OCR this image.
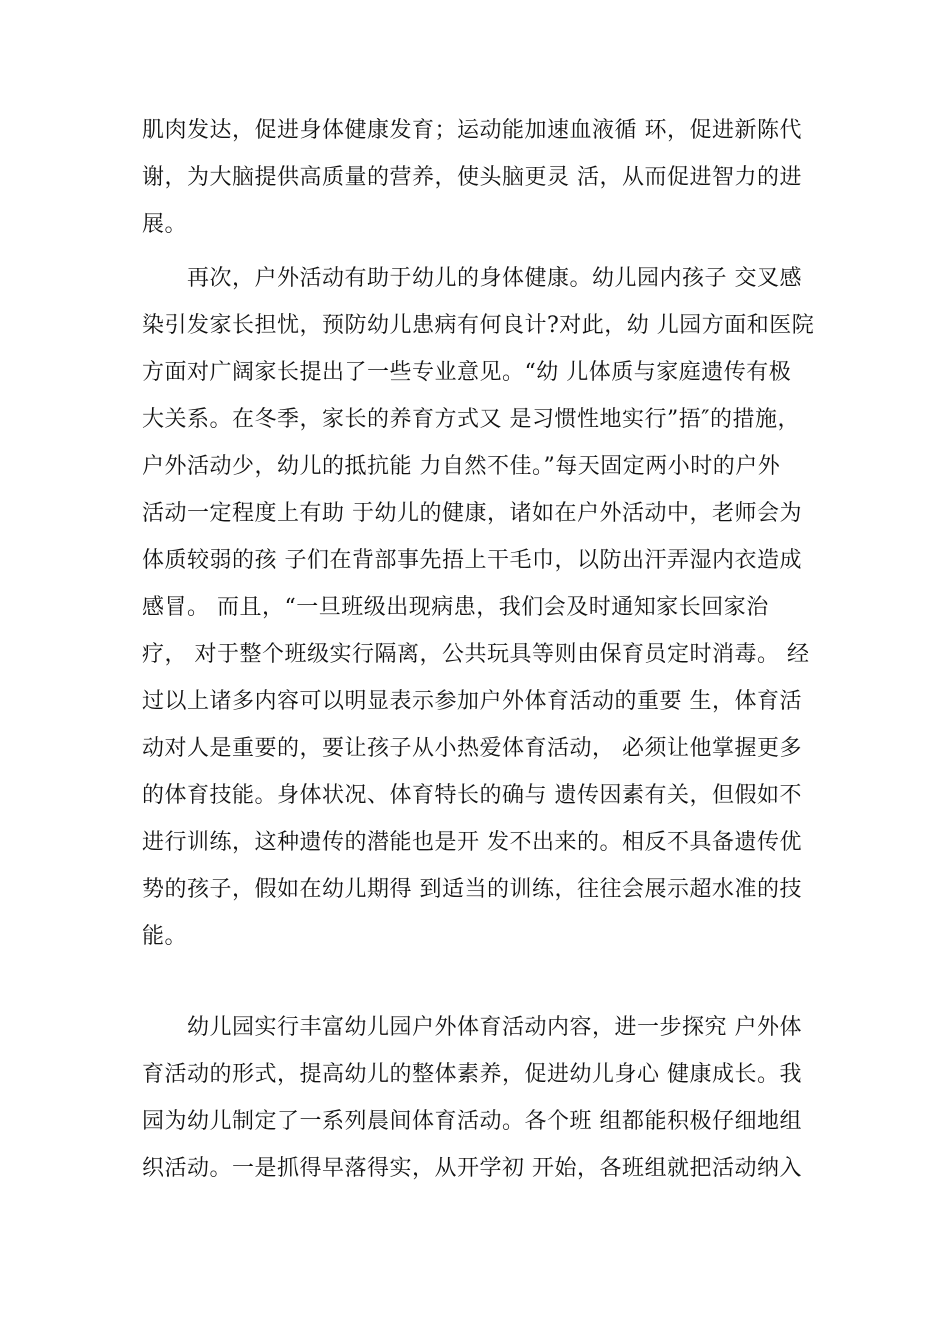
肌肉发达，促进身体健康发育；运动能加速血液循 环，促进新陈代
谢，为大脑提供高质量的营养，使头脑更灵 活，从而促进智力的进
展。
　　再次，户外活动有助于幼儿的身体健康。幼儿园内孩子 交叉感
染引发家长担忧，预防幼儿患病有何良计?对此，幼 儿园方面和医院
方面对广阔家长提出了一些专业意见。“幼 儿体质与家庭遗传有极
大关系。在冬季，家长的养育方式又 是习惯性地实行”捂″的措施，
户外活动少，幼儿的抵抗能 力自然不佳。”每天固定两小时的户外
活动一定程度上有助 于幼儿的健康，诸如在户外活动中，老师会为
体质较弱的孩 子们在背部事先捂上干毛巾，以防出汗弄湿内衣造成
感冒。 而且，“一旦班级出现病患，我们会及时通知家长回家治
疗， 对于整个班级实行隔离，公共玩具等则由保育员定时消毒。 经
过以上诸多内容可以明显表示参加户外体育活动的重要 生，体育活
动对人是重要的，要让孩子从小热爱体育活动， 必须让他掌握更多
的体育技能。身体状况、体育特长的确与 遗传因素有关，但假如不
进行训练，这种遗传的潜能也是开 发不出来的。相反不具备遗传优
势的孩子，假如在幼儿期得 到适当的训练，往往会展示超水准的技
能。
　　幼儿园实行丰富幼儿园户外体育活动内容，进一步探究 户外体
育活动的形式，提高幼儿的整体素养，促进幼儿身心 健康成长。我
园为幼儿制定了一系列晨间体育活动。各个班 组都能积极仔细地组
织活动。一是抓得早落得实，从开学初 开始，各班组就把活动纳入
